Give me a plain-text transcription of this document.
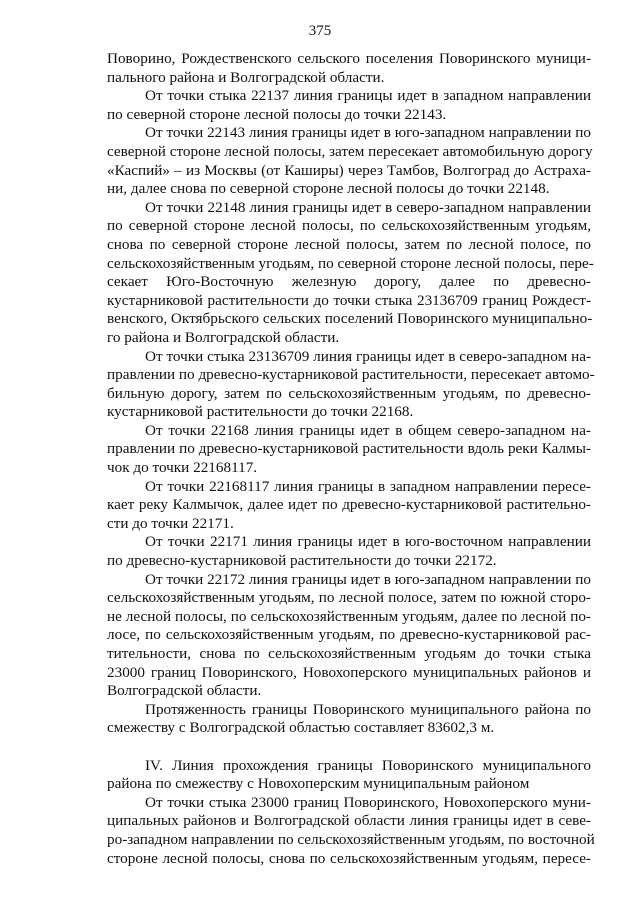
375
Поворино, Рождественского сельского поселения Поворинского муници-
пального района и Волгоградской области.
От точки стыка 22137 линия границы идет в западном направлении
по северной стороне лесной полосы до точки 22143.
От точки 22143 линия границы идет в юго-западном направлении по
северной стороне лесной полосы, затем пересекает автомобильную дорогу
«Каспий» – из Москвы (от Каширы) через Тамбов, Волгоград до Астраха-
ни, далее снова по северной стороне лесной полосы до точки 22148.
От точки 22148 линия границы идет в северо-западном направлении
по северной стороне лесной полосы, по сельскохозяйственным угодьям,
снова по северной стороне лесной полосы, затем по лесной полосе, по
сельскохозяйственным угодьям, по северной стороне лесной полосы, пере-
секает Юго-Восточную железную дорогу, далее по древесно-
кустарниковой растительности до точки стыка 23136709 границ Рождест-
венского, Октябрьского сельских поселений Поворинского муниципально-
го района и Волгоградской области.
От точки стыка 23136709 линия границы идет в северо-западном на-
правлении по древесно-кустарниковой растительности, пересекает автомо-
бильную дорогу, затем по сельскохозяйственным угодьям, по древесно-
кустарниковой растительности до точки 22168.
От точки 22168 линия границы идет в общем северо-западном на-
правлении по древесно-кустарниковой растительности вдоль реки Калмы-
чок до точки 22168117.
От точки 22168117 линия границы в западном направлении пересе-
кает реку Калмычок, далее идет по древесно-кустарниковой растительно-
сти до точки 22171.
От точки 22171 линия границы идет в юго-восточном направлении
по древесно-кустарниковой растительности до точки 22172.
От точки 22172 линия границы идет в юго-западном направлении по
сельскохозяйственным угодьям, по лесной полосе, затем по южной сторо-
не лесной полосы, по сельскохозяйственным угодьям, далее по лесной по-
лосе, по сельскохозяйственным угодьям, по древесно-кустарниковой рас-
тительности, снова по сельскохозяйственным угодьям до точки стыка
23000 границ Поворинского, Новохоперского муниципальных районов и
Волгоградской области.
Протяженность границы Поворинского муниципального района по
смежеству с Волгоградской областью составляет 83602,3 м.
IV. Линия прохождения границы Поворинского муниципального
района по смежеству с Новохоперским муниципальным районом
От точки стыка 23000 границ Поворинского, Новохоперского муни-
ципальных районов и Волгоградской области линия границы идет в севе-
ро-западном направлении по сельскохозяйственным угодьям, по восточной
стороне лесной полосы, снова по сельскохозяйственным угодьям, пересе-
